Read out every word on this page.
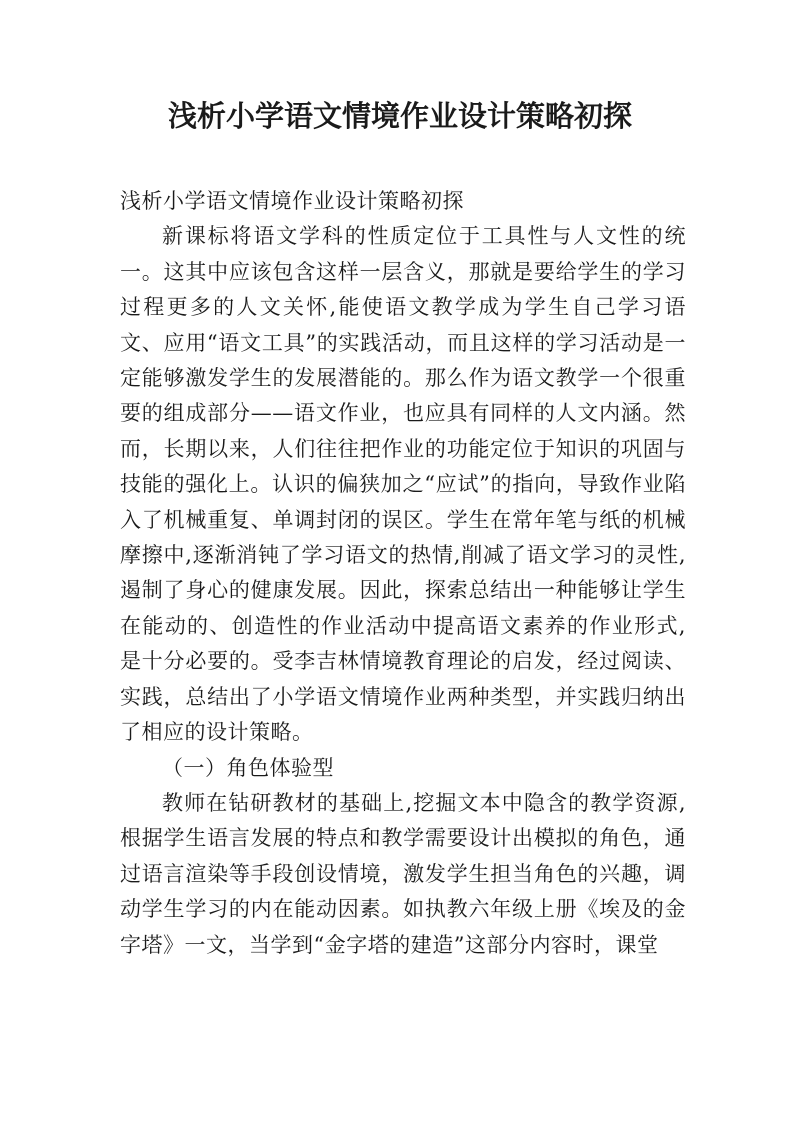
浅析小学语文情境作业设计策略初探

浅析小学语文情境作业设计策略初探

新课标将语文学科的性质定位于工具性与人文性的统一。这其中应该包含这样一层含义，那就是要给学生的学习过程更多的人文关怀,能使语文教学成为学生自己学习语文、应用“语文工具”的实践活动，而且这样的学习活动是一定能够激发学生的发展潜能的。那么作为语文教学一个很重要的组成部分——语文作业，也应具有同样的人文内涵。然而，长期以来，人们往往把作业的功能定位于知识的巩固与技能的强化上。认识的偏狭加之“应试”的指向，导致作业陷入了机械重复、单调封闭的误区。学生在常年笔与纸的机械摩擦中,逐渐消钝了学习语文的热情,削减了语文学习的灵性,遏制了身心的健康发展。因此，探索总结出一种能够让学生在能动的、创造性的作业活动中提高语文素养的作业形式,是十分必要的。受李吉林情境教育理论的启发，经过阅读、实践，总结出了小学语文情境作业两种类型，并实践归纳出了相应的设计策略。

（一）角色体验型

教师在钻研教材的基础上,挖掘文本中隐含的教学资源,根据学生语言发展的特点和教学需要设计出模拟的角色，通过语言渲染等手段创设情境，激发学生担当角色的兴趣，调动学生学习的内在能动因素。如执教六年级上册《埃及的金字塔》一文，当学到“金字塔的建造”这部分内容时，课堂
